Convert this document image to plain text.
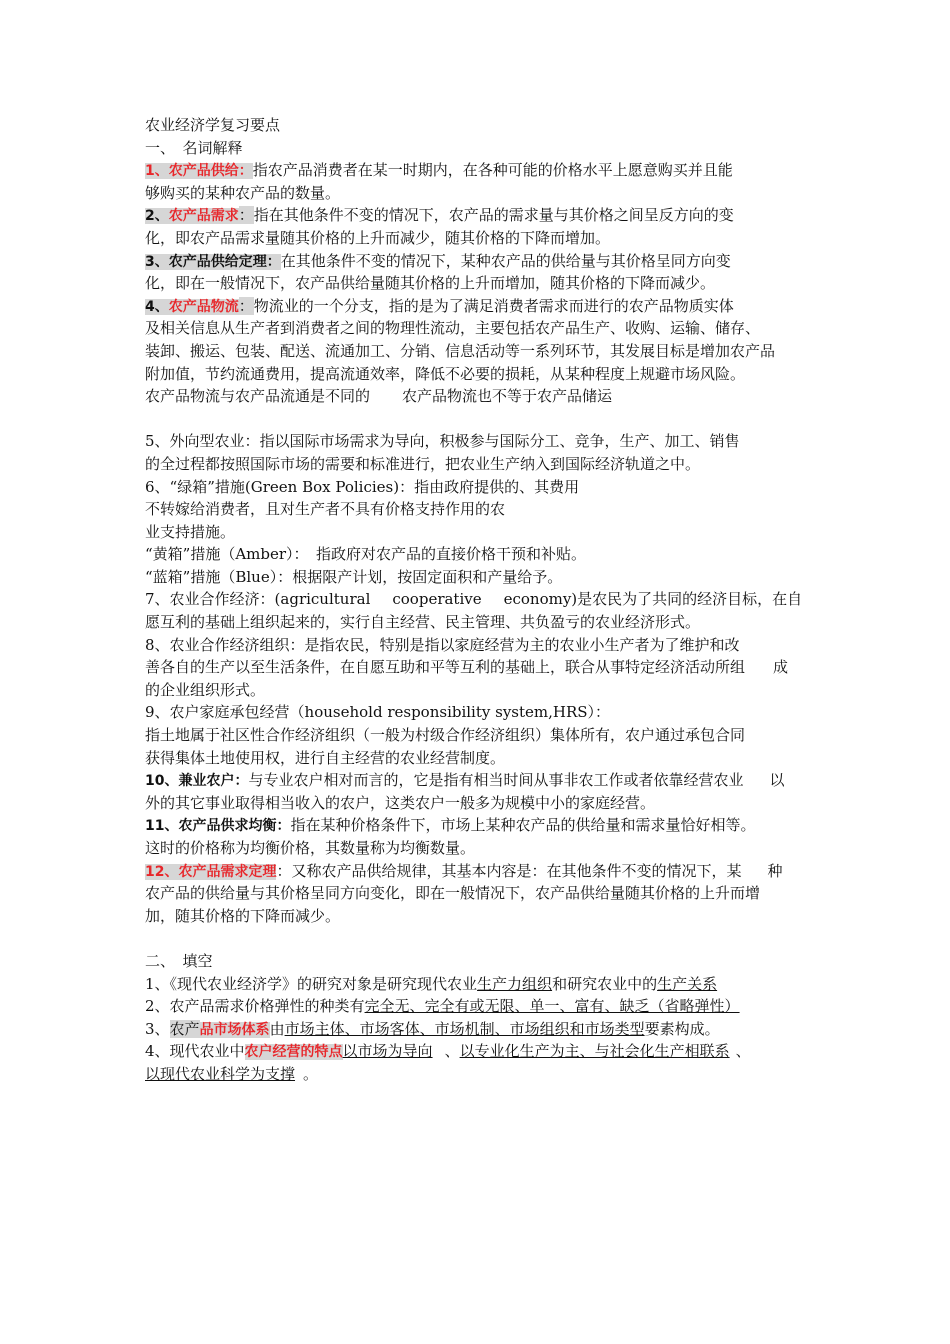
农业经济学复习要点
一、　名词解释
1、农产品供给：指农产品消费者在某一时期内，在各种可能的价格水平上愿意购买并且能
够购买的某种农产品的数量。
2、农产品需求：指在其他条件不变的情况下，农产品的需求量与其价格之间呈反方向的变
化，即农产品需求量随其价格的上升而减少，随其价格的下降而增加。
3、农产品供给定理：在其他条件不变的情况下，某种农产品的供给量与其价格呈同方向变
化，即在一般情况下，农产品供给量随其价格的上升而增加，随其价格的下降而减少。
4、农产品物流：物流业的一个分支，指的是为了满足消费者需求而进行的农产品物质实体
及相关信息从生产者到消费者之间的物理性流动，主要包括农产品生产、收购、运输、储存、
装卸、搬运、包装、配送、流通加工、分销、信息活动等一系列环节，其发展目标是增加农产品
附加值，节约流通费用，提高流通效率，降低不必要的损耗，从某种程度上规避市场风险。
农产品物流与农产品流通是不同的 农产品物流也不等于农产品储运
5、外向型农业：指以国际市场需求为导向，积极参与国际分工、竞争，生产、加工、销售
的全过程都按照国际市场的需要和标准进行，把农业生产纳入到国际经济轨道之中。
6、“绿箱”措施(Green Box Policies)：指由政府提供的、其费用
不转嫁给消费者，且对生产者不具有价格支持作用的农
业支持措施。
“黄箱”措施（Amber）：　指政府对农产品的直接价格干预和补贴。
“蓝箱”措施（Blue）：根据限产计划，按固定面积和产量给予。
7、农业合作经济：(agricultural cooperative economy)是农民为了共同的经济目标，在自
愿互利的基础上组织起来的，实行自主经营、民主管理、共负盈亏的农业经济形式。
8、农业合作经济组织：是指农民，特别是指以家庭经营为主的农业小生产者为了维护和改
善各自的生产以至生活条件，在自愿互助和平等互利的基础上，联合从事特定经济活动所组 成
的企业组织形式。
9、农户家庭承包经营（household responsibility system,HRS）：
指土地属于社区性合作经济组织（一般为村级合作经济组织）集体所有，农户通过承包合同
获得集体土地使用权，进行自主经营的农业经营制度。
10、兼业农户：与专业农户相对而言的，它是指有相当时间从事非农工作或者依靠经营农业 以
外的其它事业取得相当收入的农户，这类农户一般多为规模中小的家庭经营。
11、农产品供求均衡：指在某种价格条件下，市场上某种农产品的供给量和需求量恰好相等。
这时的价格称为均衡价格，其数量称为均衡数量。
12、农产品需求定理：又称农产品供给规律，其基本内容是：在其他条件不变的情况下，某 种
农产品的供给量与其价格呈同方向变化，即在一般情况下，农产品供给量随其价格的上升而增
加，随其价格的下降而减少。
二、　填空
1、《现代农业经济学》的研究对象是研究现代农业生产力组织和研究农业中的生产关系
2、农产品需求价格弹性的种类有完全无、完全有或无限、单一、富有、缺乏（省略弹性）
3、农产品市场体系由市场主体、市场客体、市场机制、市场组织和市场类型要素构成。
4、现代农业中农户经营的特点以市场为导向 、以专业化生产为主、与社会化生产相联系 、
以现代农业科学为支撑 。
